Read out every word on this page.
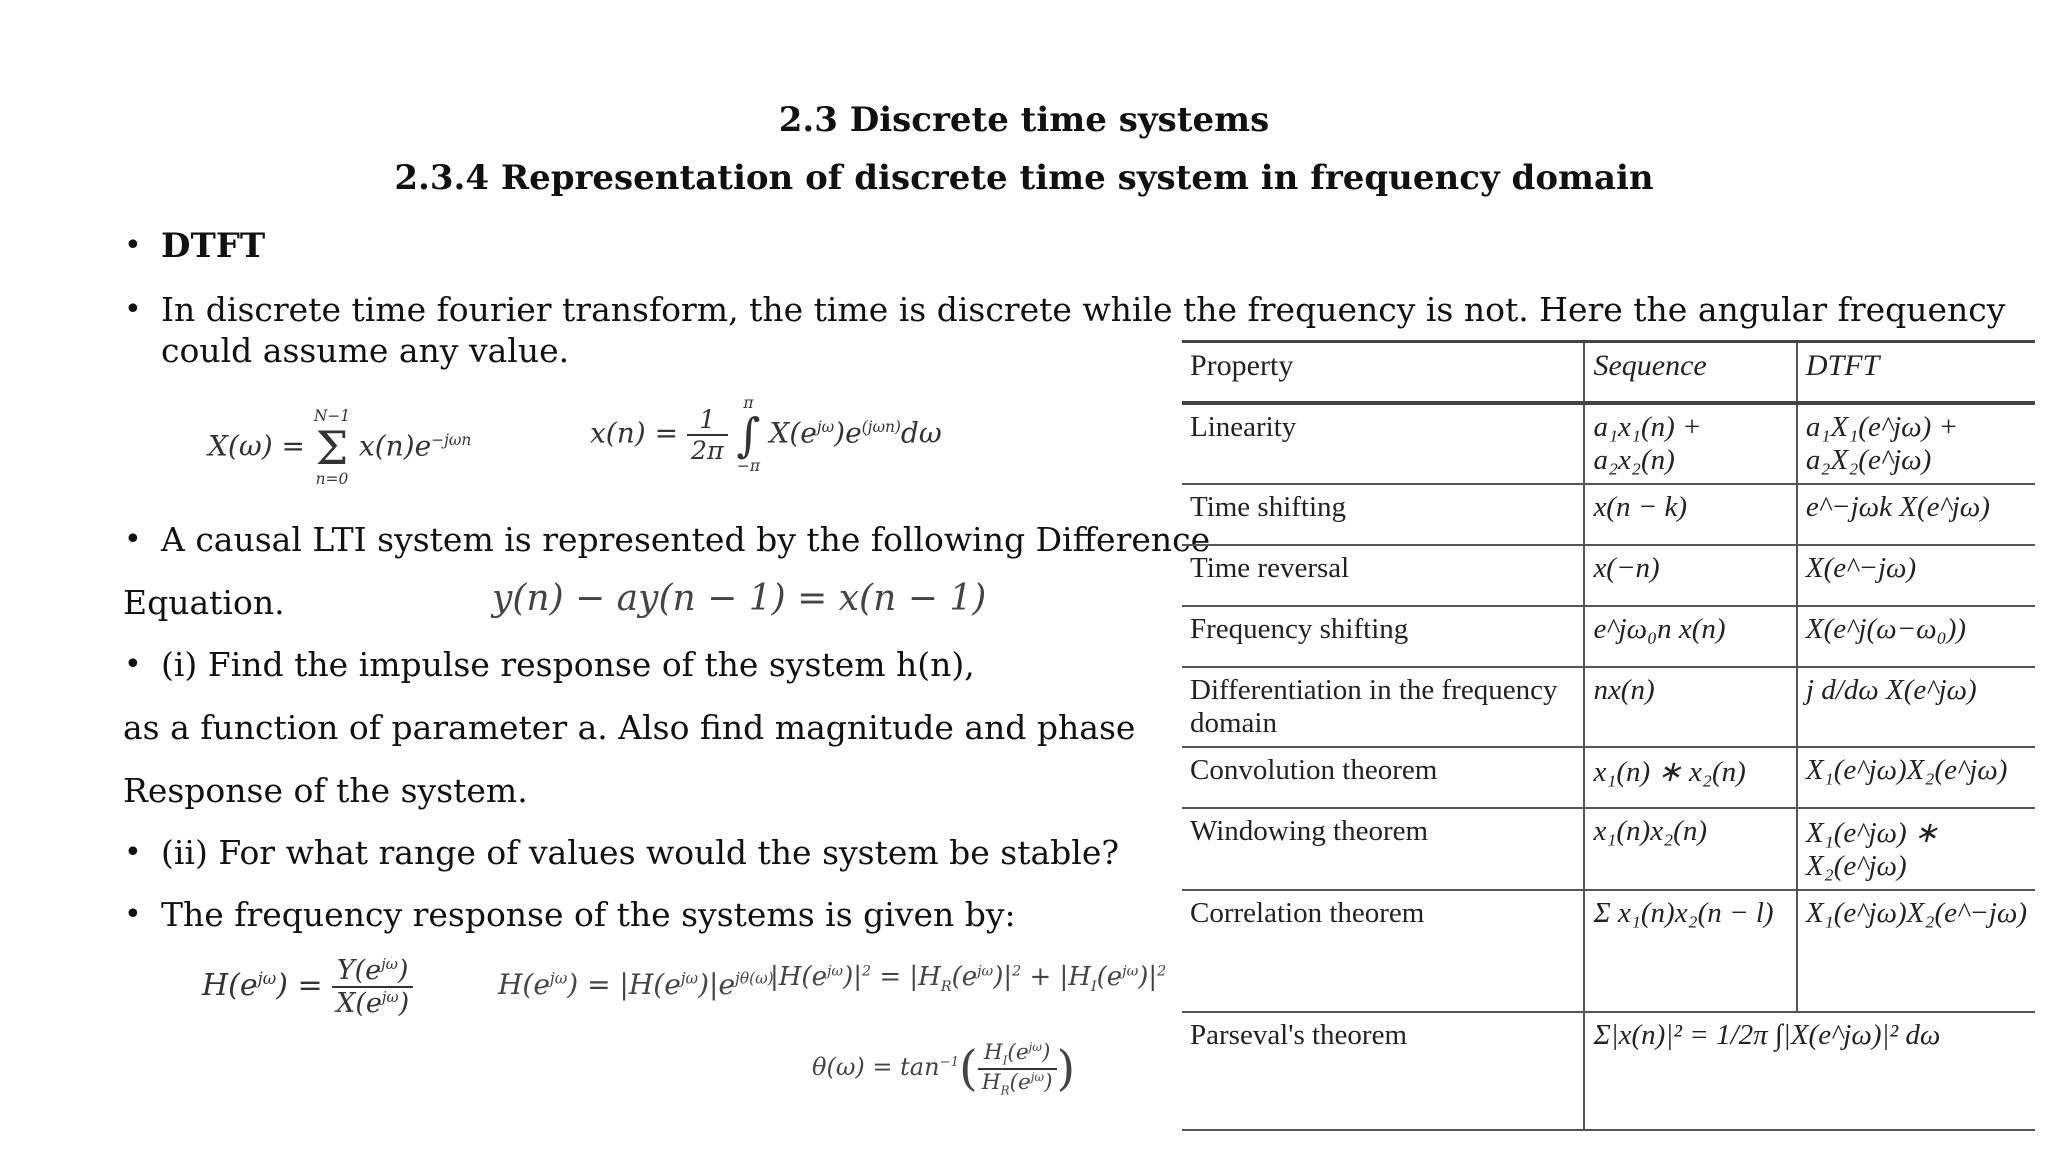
2.3 Discrete time systems
2.3.4 Representation of discrete time system in frequency domain
• DTFT
• In discrete time fourier transform, the time is discrete while the frequency is not. Here the angular frequency
could assume any value.
X(ω) = N−1
Σ
n=0 $x(n)e^{-j\omega n}$	$x(n) = \frac{1}{2\pi}$
π
∫
−π $X(e^{j\omega})e^{(j\omega n)}d\omega$
• A causal LTI system is represented by the following Difference
Equation.	y(n) − ay(n − 1) = x(n − 1)
• (i) Find the impulse response of the system h(n),
as a function of parameter a. Also find magnitude and phase
Response of the system.
• (ii) For what range of values would the system be stable?
• The frequency response of the systems is given by:
$H(e^{j\omega}) = \frac{Y(e^{j\omega})}{X(e^{j\omega})}$	$H(e^{j\omega}) = |H(e^{j\omega})|e^{j\theta(\omega)}$
$|H(e^{j\omega})|^2 = |H_R(e^{j\omega})|^2 + |H_I(e^{j\omega})|^2$
$\theta(\omega) = \tan^{-1}( \frac{H_I(e^{j\omega})}{H_R(e^{j\omega})}$ )
Property	Sequence	DTFT
Linearity	a₁x₁(n) + a₂x₂(n)	a₁X₁(e^jω) + a₂X₂(e^jω)
Time shifting	x(n − k)	e^−jωk X(e^jω)
Time reversal	x(−n)	X(e^−jω)
Frequency shifting	e^jω₀n x(n)	X(e^j(ω−ω₀))
Differentiation in the frequency domain	nx(n)	j d/dω X(e^jω)
Convolution theorem	x₁(n) ∗ x₂(n)	X₁(e^jω)X₂(e^jω)
Windowing theorem	x₁(n)x₂(n)	X₁(e^jω) ∗ X₂(e^jω)
Correlation theorem	Σ x₁(n)x₂(n − l)	X₁(e^jω)X₂(e^−jω)
Parseval's theorem	Σ|x(n)|² = 1/2π ∫|X(e^jω)|² dω	
